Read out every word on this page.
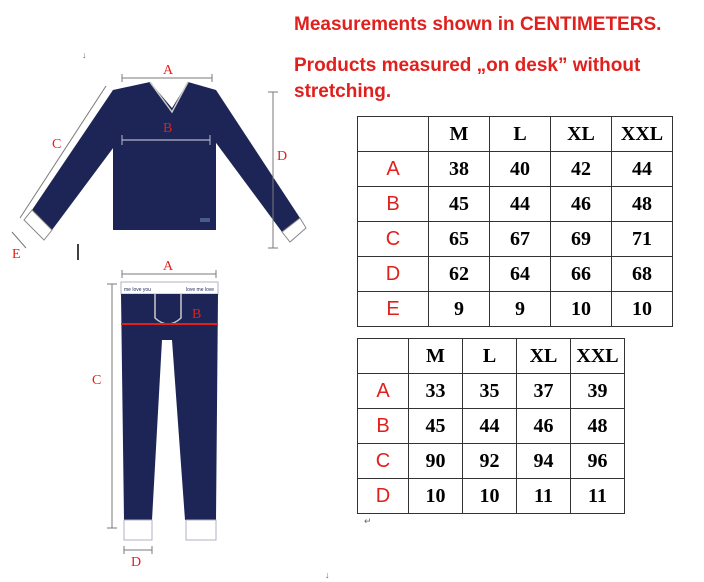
Measurements shown in CENTIMETERS.
Products measured „on desk” without
stretching.
A
B
C
D
E
me love you	love me love
A
B
C
D
	M	L	XL	XXL
A	38	40	42	44
B	45	44	46	48
C	65	67	69	71
D	62	64	66	68
E	9	9	10	10
	M	L	XL	XXL
A	33	35	37	39
B	45	44	46	48
C	90	92	94	96
D	10	10	11	11
↓
↵
↓
